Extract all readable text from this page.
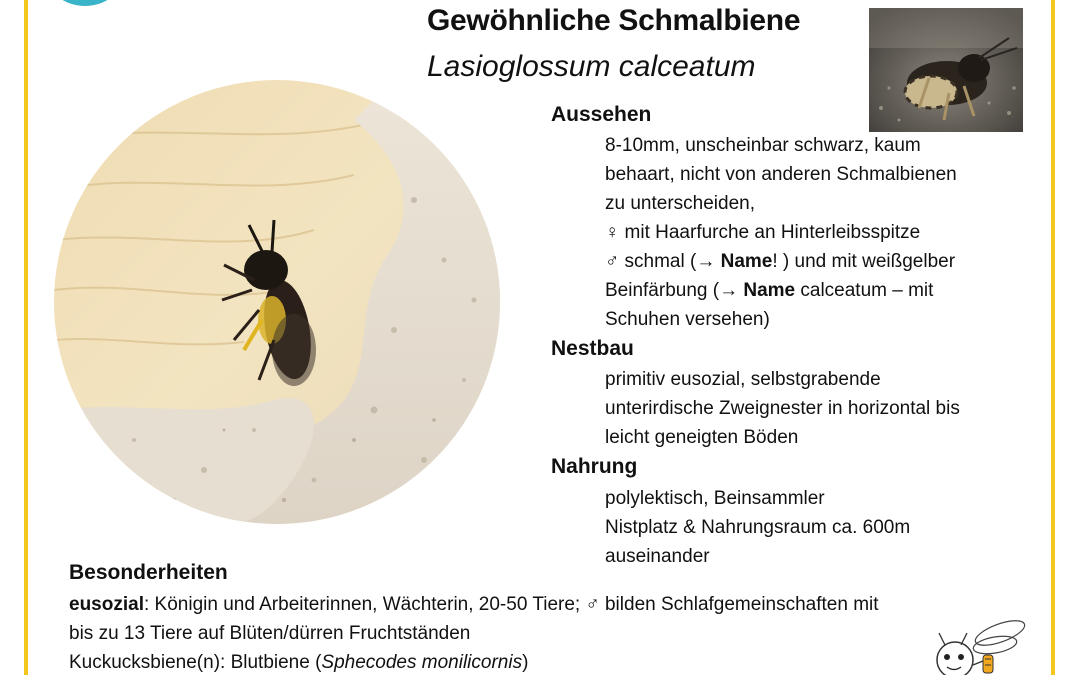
Gewöhnliche Schmalbiene
Lasioglossum calceatum
Aussehen
8-10mm, unscheinbar schwarz, kaum
behaart, nicht von anderen Schmalbienen
zu unterscheiden,
♀ mit Haarfurche an Hinterleibsspitze
♂ schmal (→ Name! ) und mit weißgelber
Beinfärbung (→ Name calceatum – mit
Schuhen versehen)
Nestbau
primitiv eusozial, selbstgrabende
unterirdische Zweignester in horizontal bis
leicht geneigten Böden
Nahrung
polylektisch, Beinsammler
Nistplatz & Nahrungsraum ca. 600m
auseinander
Besonderheiten
eusozial: Königin und Arbeiterinnen, Wächterin, 20-50 Tiere; ♂ bilden Schlafgemeinschaften mit
bis zu 13 Tiere auf Blüten/dürren Fruchtständen
Kuckucksbiene(n): Blutbiene (Sphecodes monilicornis)
